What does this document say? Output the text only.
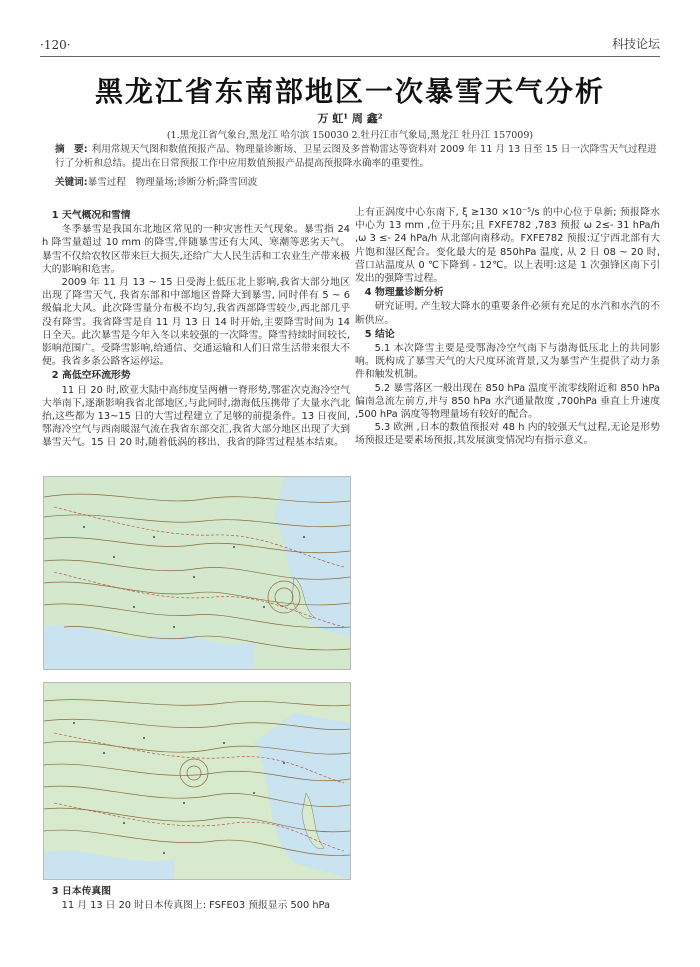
·120·	科技论坛
黑龙江省东南部地区一次暴雪天气分析
万 虹¹ 周 鑫²
(1.黑龙江省气象台,黑龙江 哈尔滨 150030 2.牡丹江市气象局,黑龙江 牡丹江 157009)
摘　要: 利用常规天气图和数值预报产品、物理量诊断场、卫星云图及多普勒雷达等资料对 2009 年 11 月 13 日至 15 日一次降雪天气过程进行了分析和总结。提出在日常预报工作中应用数值预报产品提高预报降水确率的重要性。
关键词:暴雪过程　物理量场;诊断分析;降雪回波
1 天气概况和雪情

冬季暴雪是我国东北地区常见的一种灾害性天气现象。暴雪指 24 h 降雪量超过 10 mm 的降雪,伴随暴雪还有大风、寒潮等恶劣天气。暴雪不仅给农牧区带来巨大损失,还给广大人民生活和工农业生产带来极大的影响和危害。

2009 年 11 月 13 ~ 15 日受海上低压北上影响,我省大部分地区出现了降雪天气, 我省东部和中部地区普降大到暴雪, 同时伴有 5 ~ 6 级偏北大风。此次降雪量分布极不均匀,我省西部降雪较少,西北部几乎没有降雪。我省降雪是自 11 月 13 日 14 时开始,主要降雪时间为 14 日全天。此次暴雪是今年入冬以来较强的一次降雪。降雪持续时间较长,影响范围广。受降雪影响,给通信、交通运输和人们日常生活带来很大不便。我省多条公路客运停运。

2 高低空环流形势

11 日 20 时,欧亚大陆中高纬度呈两槽一脊形势,鄂霍次克海冷空气大举南下,逐渐影响我省北部地区,与此同时,渤海低压携带了大量水汽北抬,这些都为 13~15 日的大雪过程建立了足够的前提条件。13 日夜间,鄂海冷空气与西南暖湿气流在我省东部交汇,我省大部分地区出现了大到暴雪天气。15 日 20 时,随着低涡的移出、我省的降雪过程基本结束。

3 日本传真图

11 月 13 日 20 时日本传真图上: FSFE03 预报显示 500 hPa

上有正涡度中心东南下, ξ ≥130 ×10⁻⁵/s 的中心位于阜新; 预报降水中心为 13 mm ,位于丹东;且 FXFE782 ,783 预报 ω 2≤- 31 hPa/h ,ω 3 ≤- 24 hPa/h 从北部向南移动。FXFE782 预报:辽宁西北部有大片饱和湿区配合。变化最大的是 850hPa 温度, 从 2 日 08 ~ 20 时,营口站温度从 0 ℃下降到 - 12℃。以上表明:这是 1 次强锋区南下引发出的强降雪过程。

4 物理量诊断分析

研究证明, 产生较大降水的重要条件必须有充足的水汽和水汽的不断供应。

5 结论

5.1 本次降雪主要是受鄂海冷空气南下与渤海低压北上的共同影响。既构成了暴雪天气的大尺度环流背景,又为暴雪产生提供了动力条件和触发机制。

5.2 暴雪落区一般出现在 850 hPa 温度平流零线附近和 850 hPa 偏南急流左前方,并与 850 hPa 水汽通量散度 ,700hPa 垂直上升速度 ,500 hPa 涡度等物理量场有较好的配合。

5.3 欧洲 ,日本的数值预报对 48 h 内的较强天气过程,无论是形势场预报还是要素场预报,其发展演变情况均有指示意义。
